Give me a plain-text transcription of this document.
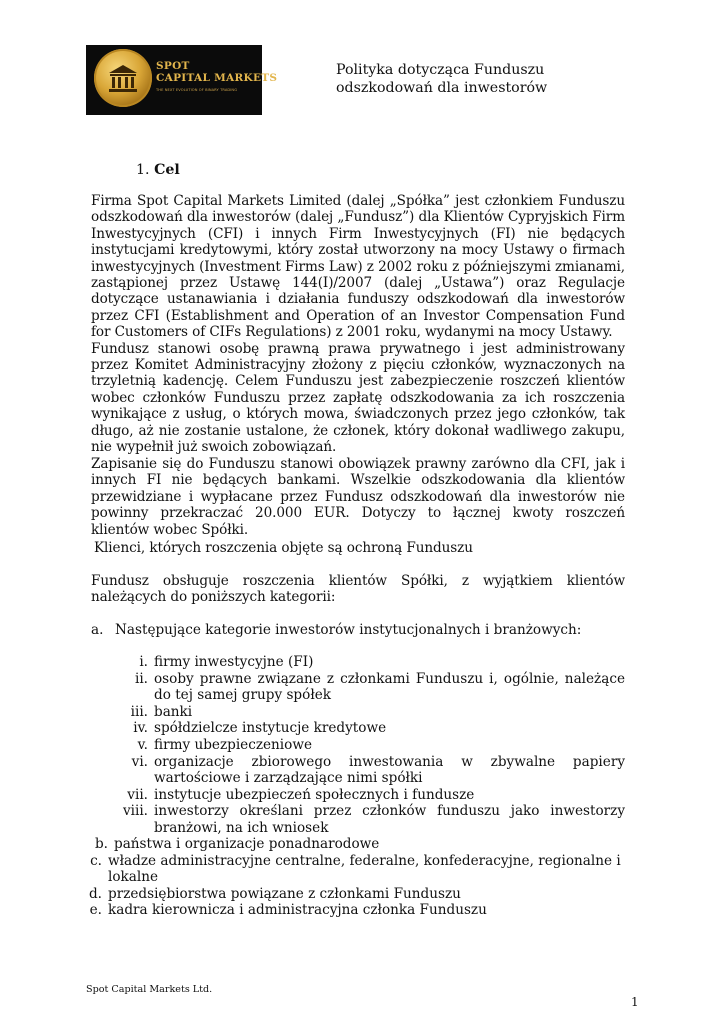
SPOT
CAPITAL MARKETS
THE NEXT EVOLUTION OF BINARY TRADING
Polityka dotycząca Funduszu odszkodowań dla inwestorów
1. Cel

Firma Spot Capital Markets Limited (dalej „Spółka” jest członkiem Funduszu odszkodowań dla inwestorów (dalej „Fundusz”) dla Klientów Cypryjskich Firm Inwestycyjnych (CFI) i innych Firm Inwestycyjnych (FI) nie będących instytucjami kredytowymi, który został utworzony na mocy Ustawy o firmach inwestycyjnych (Investment Firms Law) z 2002 roku z późniejszymi zmianami, zastąpionej przez Ustawę 144(I)/2007 (dalej „Ustawa”) oraz Regulacje dotyczące ustanawiania i działania funduszy odszkodowań dla inwestorów przez CFI (Establishment and Operation of an Investor Compensation Fund for Customers of CIFs Regulations) z 2001 roku, wydanymi na mocy Ustawy.

Fundusz stanowi osobę prawną prawa prywatnego i jest administrowany przez Komitet Administracyjny złożony z pięciu członków, wyznaczonych na trzyletnią kadencję. Celem Funduszu jest zabezpieczenie roszczeń klientów wobec członków Funduszu przez zapłatę odszkodowania za ich roszczenia wynikające z usług, o których mowa, świadczonych przez jego członków, tak długo, aż nie zostanie ustalone, że członek, który dokonał wadliwego zakupu, nie wypełnił już swoich zobowiązań.

Zapisanie się do Funduszu stanowi obowiązek prawny zarówno dla CFI, jak i innych FI nie będących bankami. Wszelkie odszkodowania dla klientów przewidziane i wypłacane przez Fundusz odszkodowań dla inwestorów nie powinny przekraczać 20.000 EUR. Dotyczy to łącznej kwoty roszczeń klientów wobec Spółki.

Klienci, których roszczenia objęte są ochroną Funduszu

Fundusz obsługuje roszczenia klientów Spółki, z wyjątkiem klientów należących do poniższych kategorii:

a. Następujące kategorie inwestorów instytucjonalnych i branżowych:
i. firmy inwestycyjne (FI)
ii. osoby prawne związane z członkami Funduszu i, ogólnie, należące do tej samej grupy spółek
iii. banki
iv. spółdzielcze instytucje kredytowe
v. firmy ubezpieczeniowe
vi. organizacje zbiorowego inwestowania w zbywalne papiery wartościowe i zarządzające nimi spółki
vii. instytucje ubezpieczeń społecznych i fundusze
viii. inwestorzy określani przez członków funduszu jako inwestorzy branżowi, na ich wniosek
b. państwa i organizacje ponadnarodowe
c. władze administracyjne centralne, federalne, konfederacyjne, regionalne i lokalne
d. przedsiębiorstwa powiązane z członkami Funduszu
e. kadra kierownicza i administracyjna członka Funduszu
Spot Capital Markets Ltd.
1
